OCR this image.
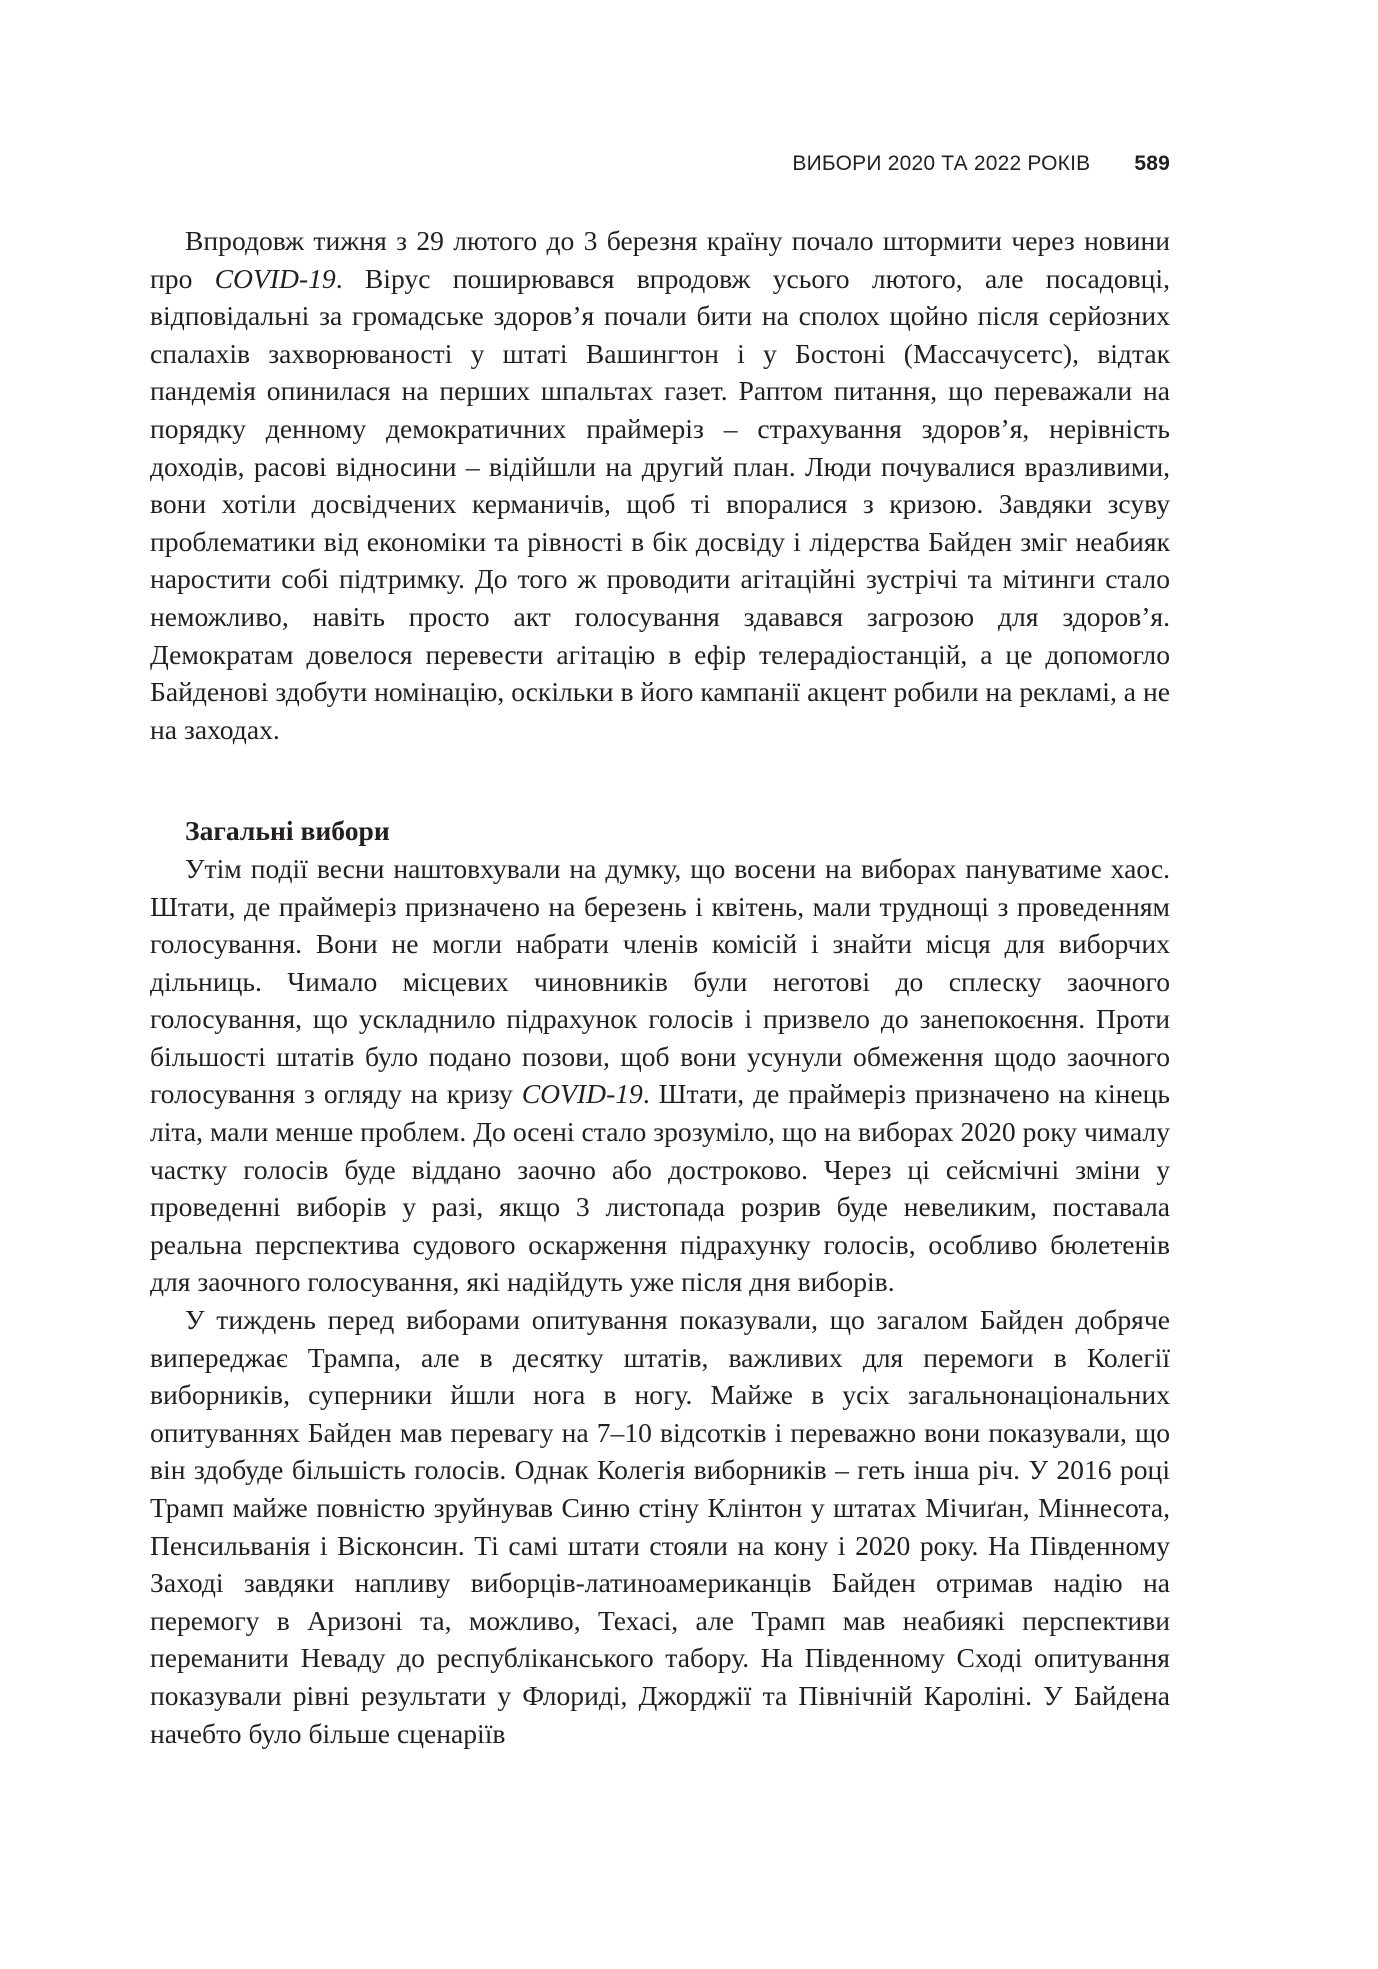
ВИБОРИ 2020 ТА 2022 РОКІВ 589

Впродовж тижня з 29 лютого до 3 березня країну почало штормити через новини про COVID-19. Вірус поширювався впродовж усього лютого, але посадовці, відповідальні за громадське здоров’я почали бити на сполох щойно після серйозних спалахів захворюваності у штаті Вашингтон і у Бостоні (Массачусетс), відтак пандемія опинилася на перших шпальтах газет. Раптом питання, що переважали на порядку денному демократичних праймеріз – страхування здоров’я, нерівність доходів, расові відносини – відійшли на другий план. Люди почувалися вразливими, вони хотіли досвідчених керманичів, щоб ті впоралися з кризою. Завдяки зсуву проблематики від економіки та рівності в бік досвіду і лідерства Байден зміг неабияк наростити собі підтримку. До того ж проводити агітаційні зустрічі та мітинги стало неможливо, навіть просто акт голосування здавався загрозою для здоров’я. Демократам довелося перевести агітацію в ефір телерадіостанцій, а це допомогло Байденові здобути номінацію, оскільки в його кампанії акцент робили на рекламі, а не на заходах.

Загальні вибори

Утім події весни наштовхували на думку, що восени на виборах пануватиме хаос. Штати, де праймеріз призначено на березень і квітень, мали труднощі з проведенням голосування. Вони не могли набрати членів комісій і знайти місця для виборчих дільниць. Чимало місцевих чиновників були неготові до сплеску заочного голосування, що ускладнило підрахунок голосів і призвело до занепокоєння. Проти більшості штатів було подано позови, щоб вони усунули обмеження щодо заочного голосування з огляду на кризу COVID-19. Штати, де праймеріз призначено на кінець літа, мали менше проблем. До осені стало зрозуміло, що на виборах 2020 року чималу частку голосів буде віддано заочно або достроково. Через ці сейсмічні зміни у проведенні виборів у разі, якщо 3 листопада розрив буде невеликим, поставала реальна перспектива судового оскарження підрахунку голосів, особливо бюлетенів для заочного голосування, які надійдуть уже після дня виборів.

У тиждень перед виборами опитування показували, що загалом Байден добряче випереджає Трампа, але в десятку штатів, важливих для перемоги в Колегії виборників, суперники йшли нога в ногу. Майже в усіх загальнонаціональних опитуваннях Байден мав перевагу на 7–10 відсотків і переважно вони показували, що він здобуде більшість голосів. Однак Колегія виборників – геть інша річ. У 2016 році Трамп майже повністю зруйнував Синю стіну Клінтон у штатах Мічиґан, Міннесота, Пенсильванія і Вісконсин. Ті самі штати стояли на кону і 2020 року. На Південному Заході завдяки напливу виборців-латиноамериканців Байден отримав надію на перемогу в Аризоні та, можливо, Техасі, але Трамп мав неабиякі перспективи переманити Неваду до республіканського табору. На Південному Сході опитування показували рівні результати у Флориді, Джорджії та Північній Кароліні. У Байдена начебто було більше сценаріїв
